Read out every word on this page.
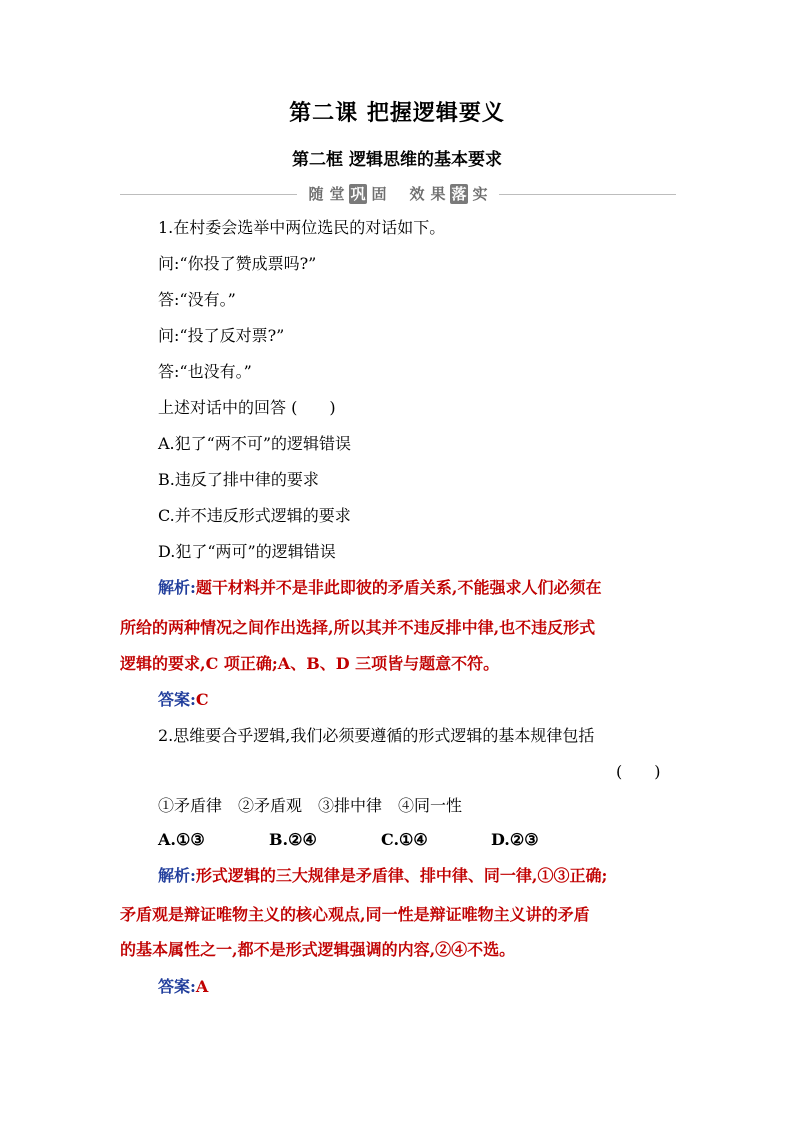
第二课 把握逻辑要义
第二框 逻辑思维的基本要求
随 堂 巩 固 效 果 落 实
1.在村委会选举中两位选民的对话如下。
问:“你投了赞成票吗?”
答:“没有。”
问:“投了反对票?”
答:“也没有。”
上述对话中的回答 (　　)
A.犯了“两不可”的逻辑错误
B.违反了排中律的要求
C.并不违反形式逻辑的要求
D.犯了“两可”的逻辑错误
解析:题干材料并不是非此即彼的矛盾关系,不能强求人们必须在
所给的两种情况之间作出选择,所以其并不违反排中律,也不违反形式
逻辑的要求,C 项正确;A、B、D 三项皆与题意不符。
答案:C
2.思维要合乎逻辑,我们必须要遵循的形式逻辑的基本规律包括
(　　)
①矛盾律　②矛盾观　③排中律　④同一性
A.①③	B.②④	C.①④	D.②③
解析:形式逻辑的三大规律是矛盾律、排中律、同一律,①③正确;
矛盾观是辩证唯物主义的核心观点,同一性是辩证唯物主义讲的矛盾
的基本属性之一,都不是形式逻辑强调的内容,②④不选。
答案:A
